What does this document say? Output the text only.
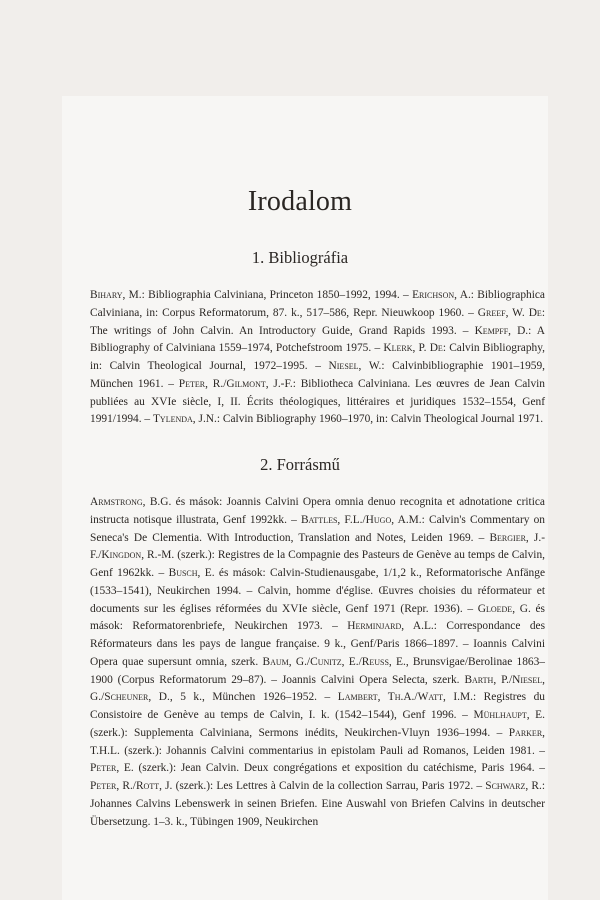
Irodalom
1. Bibliográfia

Bihary, M.: Bibliographia Calviniana, Princeton 1850–1992, 1994. – Erichson, A.: Bibliographica Calviniana, in: Corpus Reformatorum, 87. k., 517–586, Repr. Nieuwkoop 1960. – Greef, W. De: The writings of John Calvin. An Introductory Guide, Grand Rapids 1993. – Kempff, D.: A Bibliography of Calviniana 1559–1974, Potchefstroom 1975. – Klerk, P. De: Calvin Bibliography, in: Calvin Theological Journal, 1972–1995. – Niesel, W.: Calvinbibliographie 1901–1959, München 1961. – Peter, R./Gilmont, J.-F.: Bibliotheca Calviniana. Les œuvres de Jean Calvin publiées au XVIe siècle, I, II. Écrits théologiques, littéraires et juridiques 1532–1554, Genf 1991/1994. – Tylenda, J.N.: Calvin Bibliography 1960–1970, in: Calvin Theological Journal 1971.

2. Forrásmű

Armstrong, B.G. és mások: Joannis Calvini Opera omnia denuo recognita et adnotatione critica instructa notisque illustrata, Genf 1992kk. – Battles, F.L./Hugo, A.M.: Calvin's Commentary on Seneca's De Clementia. With Introduction, Translation and Notes, Leiden 1969. – Bergier, J.-F./Kingdon, R.-M. (szerk.): Registres de la Compagnie des Pasteurs de Genève au temps de Calvin, Genf 1962kk. – Busch, E. és mások: Calvin-Studienausgabe, 1/1,2 k., Reformatorische Anfänge (1533–1541), Neukirchen 1994. – Calvin, homme d'église. Œuvres choisies du réformateur et documents sur les églises réformées du XVIe siècle, Genf 1971 (Repr. 1936). – Gloede, G. és mások: Reformatorenbriefe, Neukirchen 1973. – Herminjard, A.L.: Correspondance des Réformateurs dans les pays de langue française. 9 k., Genf/Paris 1866–1897. – Ioannis Calvini Opera quae supersunt omnia, szerk. Baum, G./Cunitz, E./Reuss, E., Brunsvigae/Berolinae 1863–1900 (Corpus Reformatorum 29–87). – Joannis Calvini Opera Selecta, szerk. Barth, P./Niesel, G./Scheuner, D., 5 k., München 1926–1952. – Lambert, Th.A./Watt, I.M.: Registres du Consistoire de Genève au temps de Calvin, I. k. (1542–1544), Genf 1996. – Mühlhaupt, E. (szerk.): Supplementa Calviniana, Sermons inédits, Neukirchen-Vluyn 1936–1994. – Parker, T.H.L. (szerk.): Johannis Calvini commentarius in epistolam Pauli ad Romanos, Leiden 1981. – Peter, E. (szerk.): Jean Calvin. Deux congrégations et exposition du catéchisme, Paris 1964. – Peter, R./Rott, J. (szerk.): Les Lettres à Calvin de la collection Sarrau, Paris 1972. – Schwarz, R.: Johannes Calvins Lebenswerk in seinen Briefen. Eine Auswahl von Briefen Calvins in deutscher Übersetzung. 1–3. k., Tübingen 1909, Neukirchen
